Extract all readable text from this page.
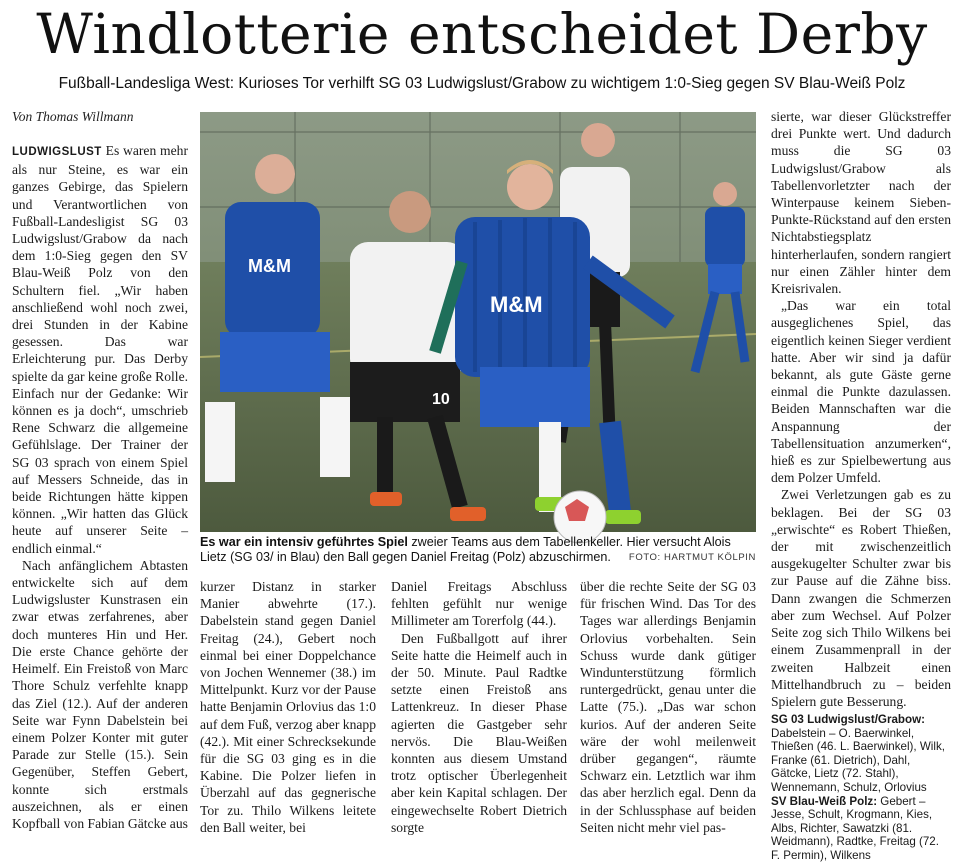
Windlotterie entscheidet Derby
Fußball-Landesliga West: Kurioses Tor verhilft SG 03 Ludwigslust/Grabow zu wichtigem 1:0-Sieg gegen SV Blau-Weiß Polz
Von Thomas Willmann

LUDWIGSLUST Es waren mehr als nur Steine, es war ein ganzes Gebirge, das Spielern und Verantwortlichen von Fußball-Landesligist SG 03 Ludwigslust/Grabow da nach dem 1:0-Sieg gegen den SV Blau-Weiß Polz von den Schultern fiel. „Wir haben anschließend wohl noch zwei, drei Stunden in der Kabine gesessen. Das war Erleichterung pur. Das Derby spielte da gar keine große Rolle. Einfach nur der Gedanke: Wir können es ja doch“, umschrieb Rene Schwarz die allgemeine Gefühlslage. Der Trainer der SG 03 sprach von einem Spiel auf Messers Schneide, das in beide Richtungen hätte kippen können. „Wir hatten das Glück heute auf unserer Seite – endlich einmal.“

Nach anfänglichem Abtasten entwickelte sich auf dem Ludwigsluster Kunstrasen ein zwar etwas zerfahrenes, aber doch munteres Hin und Her. Die erste Chance gehörte der Heimelf. Ein Freistoß von Marc Thore Schulz verfehlte knapp das Ziel (12.). Auf der anderen Seite war Fynn Dabelstein bei einem Polzer Konter mit guter Parade zur Stelle (15.). Sein Gegenüber, Steffen Gebert, konnte sich erstmals auszeichnen, als er einen Kopfball von Fabian Gätcke aus

M&M
10
M&M
Es war ein intensiv geführtes Spiel zweier Teams aus dem Tabellenkeller. Hier versucht Alois Lietz (SG 03/ in Blau) den Ball gegen Daniel Freitag (Polz) abzuschirmen. FOTO: HARTMUT KÖLPIN

kurzer Distanz in starker Manier abwehrte (17.). Dabelstein stand gegen Daniel Freitag (24.), Gebert noch einmal bei einer Doppelchance von Jochen Wennemer (38.) im Mittelpunkt. Kurz vor der Pause hatte Benjamin Orlovius das 1:0 auf dem Fuß, verzog aber knapp (42.). Mit einer Schrecksekunde für die SG 03 ging es in die Kabine. Die Polzer liefen in Überzahl auf das gegnerische Tor zu. Thilo Wilkens leitete den Ball weiter, bei

Daniel Freitags Abschluss fehlten gefühlt nur wenige Millimeter am Torerfolg (44.).

Den Fußballgott auf ihrer Seite hatte die Heimelf auch in der 50. Minute. Paul Radtke setzte einen Freistoß ans Lattenkreuz. In dieser Phase agierten die Gastgeber sehr nervös. Die Blau-Weißen konnten aus diesem Umstand trotz optischer Überlegenheit aber kein Kapital schlagen. Der eingewechselte Robert Dietrich sorgte

über die rechte Seite der SG 03 für frischen Wind. Das Tor des Tages war allerdings Benjamin Orlovius vorbehalten. Sein Schuss wurde dank gütiger Windunterstützung förmlich runtergedrückt, genau unter die Latte (75.). „Das war schon kurios. Auf der anderen Seite wäre der wohl meilenweit drüber gegangen“, räumte Schwarz ein. Letztlich war ihm das aber herzlich egal. Denn da in der Schlussphase auf beiden Seiten nicht mehr viel pas-

sierte, war dieser Glückstreffer drei Punkte wert. Und dadurch muss die SG 03 Ludwigslust/Grabow als Tabellenvorletzter nach der Winterpause keinem Sieben-Punkte-Rückstand auf den ersten Nichtabstiegsplatz hinterherlaufen, sondern rangiert nur einen Zähler hinter dem Kreisrivalen.

„Das war ein total ausgeglichenes Spiel, das eigentlich keinen Sieger verdient hatte. Aber wir sind ja dafür bekannt, als gute Gäste gerne einmal die Punkte dazulassen. Beiden Mannschaften war die Anspannung der Tabellensituation anzumerken“, hieß es zur Spielbewertung aus dem Polzer Umfeld.

Zwei Verletzungen gab es zu beklagen. Bei der SG 03 „erwischte“ es Robert Thießen, der mit zwischenzeitlich ausgekugelter Schulter zwar bis zur Pause auf die Zähne biss. Dann zwangen die Schmerzen aber zum Wechsel. Auf Polzer Seite zog sich Thilo Wilkens bei einem Zusammenprall in der zweiten Halbzeit einen Mittelhandbruch zu – beiden Spielern gute Besserung.

SG 03 Ludwigslust/Grabow: Dabelstein – O. Baerwinkel, Thießen (46. L. Baerwinkel), Wilk, Franke (61. Dietrich), Dahl, Gätcke, Lietz (72. Stahl), Wennemann, Schulz, Orlovius
SV Blau-Weiß Polz: Gebert – Jesse, Schult, Krogmann, Kies, Albs, Richter, Sawatzki (81. Weidmann), Radtke, Freitag (72. F. Permin), Wilkens
